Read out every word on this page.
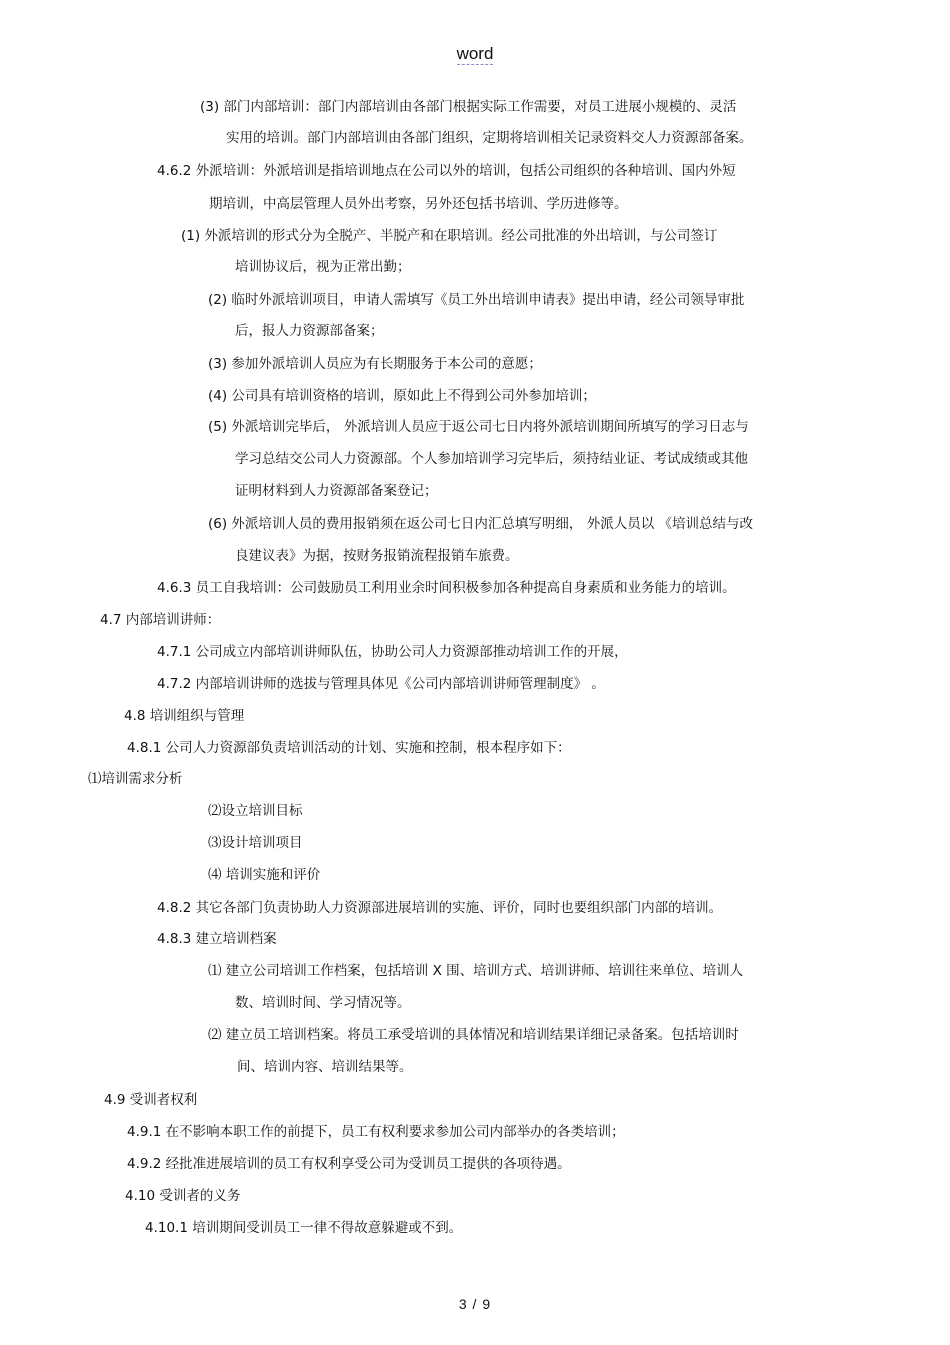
word
(3) 部门内部培训：部门内部培训由各部门根据实际工作需要，对员工进展小规模的、灵活
实用的培训。部门内部培训由各部门组织，定期将培训相关记录资料交人力资源部备案。
4.6.2 外派培训：外派培训是指培训地点在公司以外的培训，包括公司组织的各种培训、国内外短
期培训，中高层管理人员外出考察，另外还包括书培训、学历进修等。
(1) 外派培训的形式分为全脱产、半脱产和在职培训。经公司批准的外出培训，与公司签订
培训协议后，视为正常出勤；
(2) 临时外派培训项目，申请人需填写《员工外出培训申请表》提出申请，经公司领导审批
后，报人力资源部备案；
(3) 参加外派培训人员应为有长期服务于本公司的意愿；
(4) 公司具有培训资格的培训，原如此上不得到公司外参加培训；
(5) 外派培训完毕后， 外派培训人员应于返公司七日内将外派培训期间所填写的学习日志与
学习总结交公司人力资源部。个人参加培训学习完毕后，须持结业证、考试成绩或其他
证明材料到人力资源部备案登记；
(6) 外派培训人员的费用报销须在返公司七日内汇总填写明细， 外派人员以 《培训总结与改
良建议表》为据，按财务报销流程报销车旅费。
4.6.3 员工自我培训：公司鼓励员工利用业余时间积极参加各种提高自身素质和业务能力的培训。
4.7 内部培训讲师：
4.7.1 公司成立内部培训讲师队伍，协助公司人力资源部推动培训工作的开展，
4.7.2 内部培训讲师的选拔与管理具体见《公司内部培训讲师管理制度》 。
4.8 培训组织与管理
4.8.1 公司人力资源部负责培训活动的计划、实施和控制，根本程序如下：
⑴培训需求分析
⑵设立培训目标
⑶设计培训项目
⑷ 培训实施和评价
4.8.2 其它各部门负责协助人力资源部进展培训的实施、评价，同时也要组织部门内部的培训。
4.8.3 建立培训档案
⑴ 建立公司培训工作档案，包括培训 X 围、培训方式、培训讲师、培训往来单位、培训人
数、培训时间、学习情况等。
⑵ 建立员工培训档案。将员工承受培训的具体情况和培训结果详细记录备案。包括培训时
间、培训内容、培训结果等。
4.9 受训者权利
4.9.1 在不影响本职工作的前提下，员工有权利要求参加公司内部举办的各类培训；
4.9.2 经批准进展培训的员工有权利享受公司为受训员工提供的各项待遇。
4.10 受训者的义务
4.10.1 培训期间受训员工一律不得故意躲避或不到。
3 / 9
